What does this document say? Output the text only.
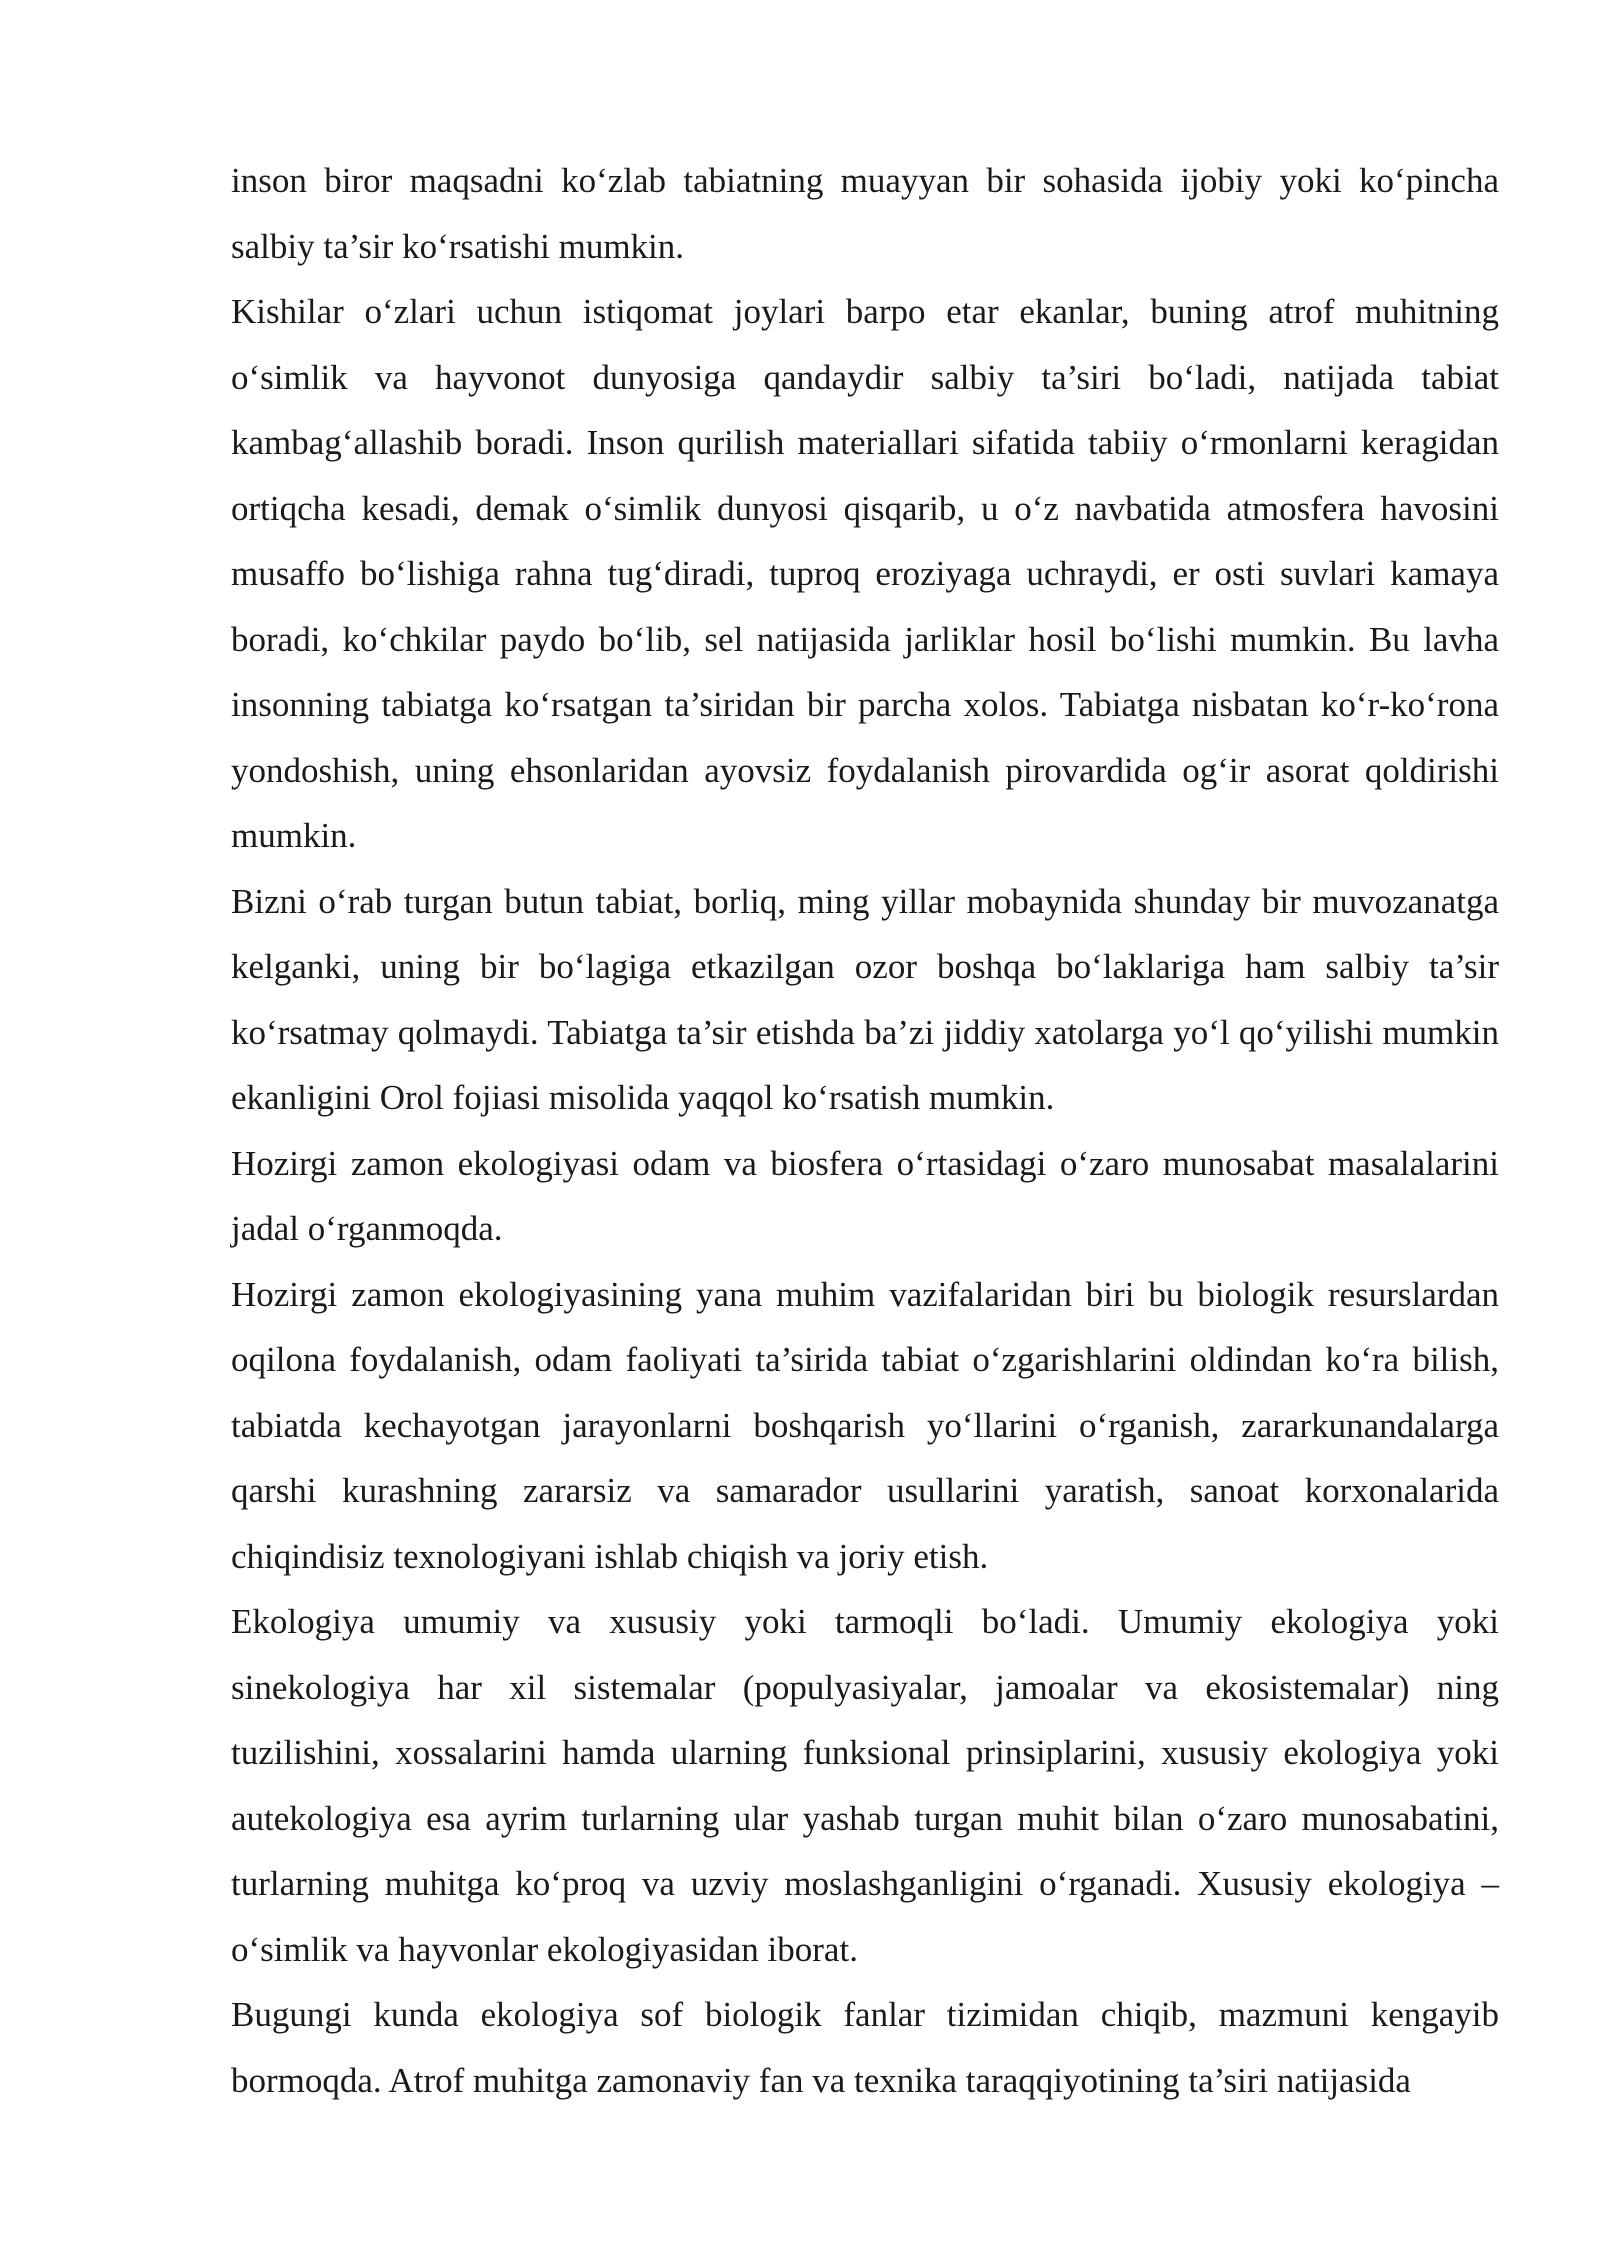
inson biror maqsadni ko‘zlab tabiatning muayyan bir sohasida ijobiy yoki ko‘pincha salbiy ta’sir ko‘rsatishi mumkin.

Kishilar o‘zlari uchun istiqomat joylari barpo etar ekanlar, buning atrof muhitning o‘simlik va hayvonot dunyosiga qandaydir salbiy ta’siri bo‘ladi, natijada tabiat kambag‘allashib boradi. Inson qurilish materiallari sifatida tabiiy o‘rmonlarni keragidan ortiqcha kesadi, demak o‘simlik dunyosi qisqarib, u o‘z navbatida atmosfera havosini musaffo bo‘lishiga rahna tug‘diradi, tuproq eroziyaga uchraydi, er osti suvlari kamaya boradi, ko‘chkilar paydo bo‘lib, sel natijasida jarliklar hosil bo‘lishi mumkin. Bu lavha insonning tabiatga ko‘rsatgan ta’siridan bir parcha xolos. Tabiatga nisbatan ko‘r-ko‘rona yondoshish, uning ehsonlaridan ayovsiz foydalanish pirovardida og‘ir asorat qoldirishi mumkin.

Bizni o‘rab turgan butun tabiat, borliq, ming yillar mobaynida shunday bir muvozanatga kelganki, uning bir bo‘lagiga etkazilgan ozor boshqa bo‘laklariga ham salbiy ta’sir ko‘rsatmay qolmaydi. Tabiatga ta’sir etishda ba’zi jiddiy xatolarga yo‘l qo‘yilishi mumkin ekanligini Orol fojiasi misolida yaqqol ko‘rsatish mumkin.

Hozirgi zamon ekologiyasi odam va biosfera o‘rtasidagi o‘zaro munosabat masalalarini jadal o‘rganmoqda.

Hozirgi zamon ekologiyasining yana muhim vazifalaridan biri bu biologik resurslardan oqilona foydalanish, odam faoliyati ta’sirida tabiat o‘zgarishlarini oldindan ko‘ra bilish, tabiatda kechayotgan jarayonlarni boshqarish yo‘llarini o‘rganish, zararkunandalarga qarshi kurashning zararsiz va samarador usullarini yaratish, sanoat korxonalarida chiqindisiz texnologiyani ishlab chiqish va joriy etish.

Ekologiya umumiy va xususiy yoki tarmoqli bo‘ladi. Umumiy ekologiya yoki sinekologiya har xil sistemalar (populyasiyalar, jamoalar va ekosistemalar) ning tuzilishini, xossalarini hamda ularning funksional prinsiplarini, xususiy ekologiya yoki autekologiya esa ayrim turlarning ular yashab turgan muhit bilan o‘zaro munosabatini, turlarning muhitga ko‘proq va uzviy moslashganligini o‘rganadi. Xususiy ekologiya – o‘simlik va hayvonlar ekologiyasidan iborat.

Bugungi kunda ekologiya sof biologik fanlar tizimidan chiqib, mazmuni kengayib bormoqda. Atrof muhitga zamonaviy fan va texnika taraqqiyotining ta’siri natijasida
